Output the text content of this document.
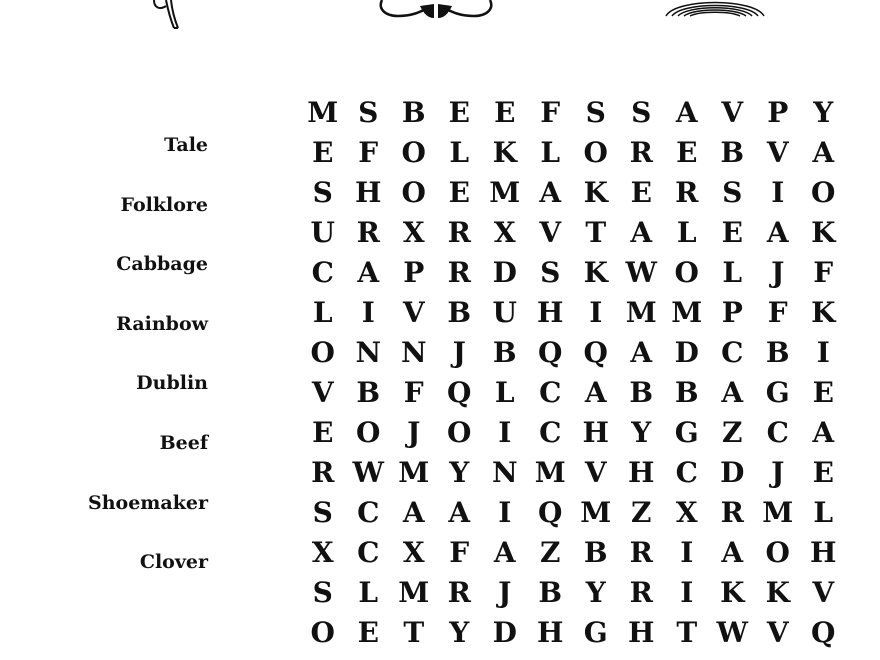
Tale
Folklore
Cabbage
Rainbow
Dublin
Beef
Shoemaker
Clover
M S B E E F S S A V P Y
E F O L K L O R E B V A
S H O E M A K E R S	I O
U R X R X V T A L E A K
C A P R D S K W O L	J	F
L	I	V B U H I M M P F K
O N N J B Q Q A D C B I
V B F Q L C A B B A G E
E O J O I C H Y G Z C A
R W M Y N M V H C D J	E
S C A A	I Q M Z X R M L
X C X F A Z B R I	A O H
S L M R J B Y R I K K V
O E T Y D H G H T W V Q
